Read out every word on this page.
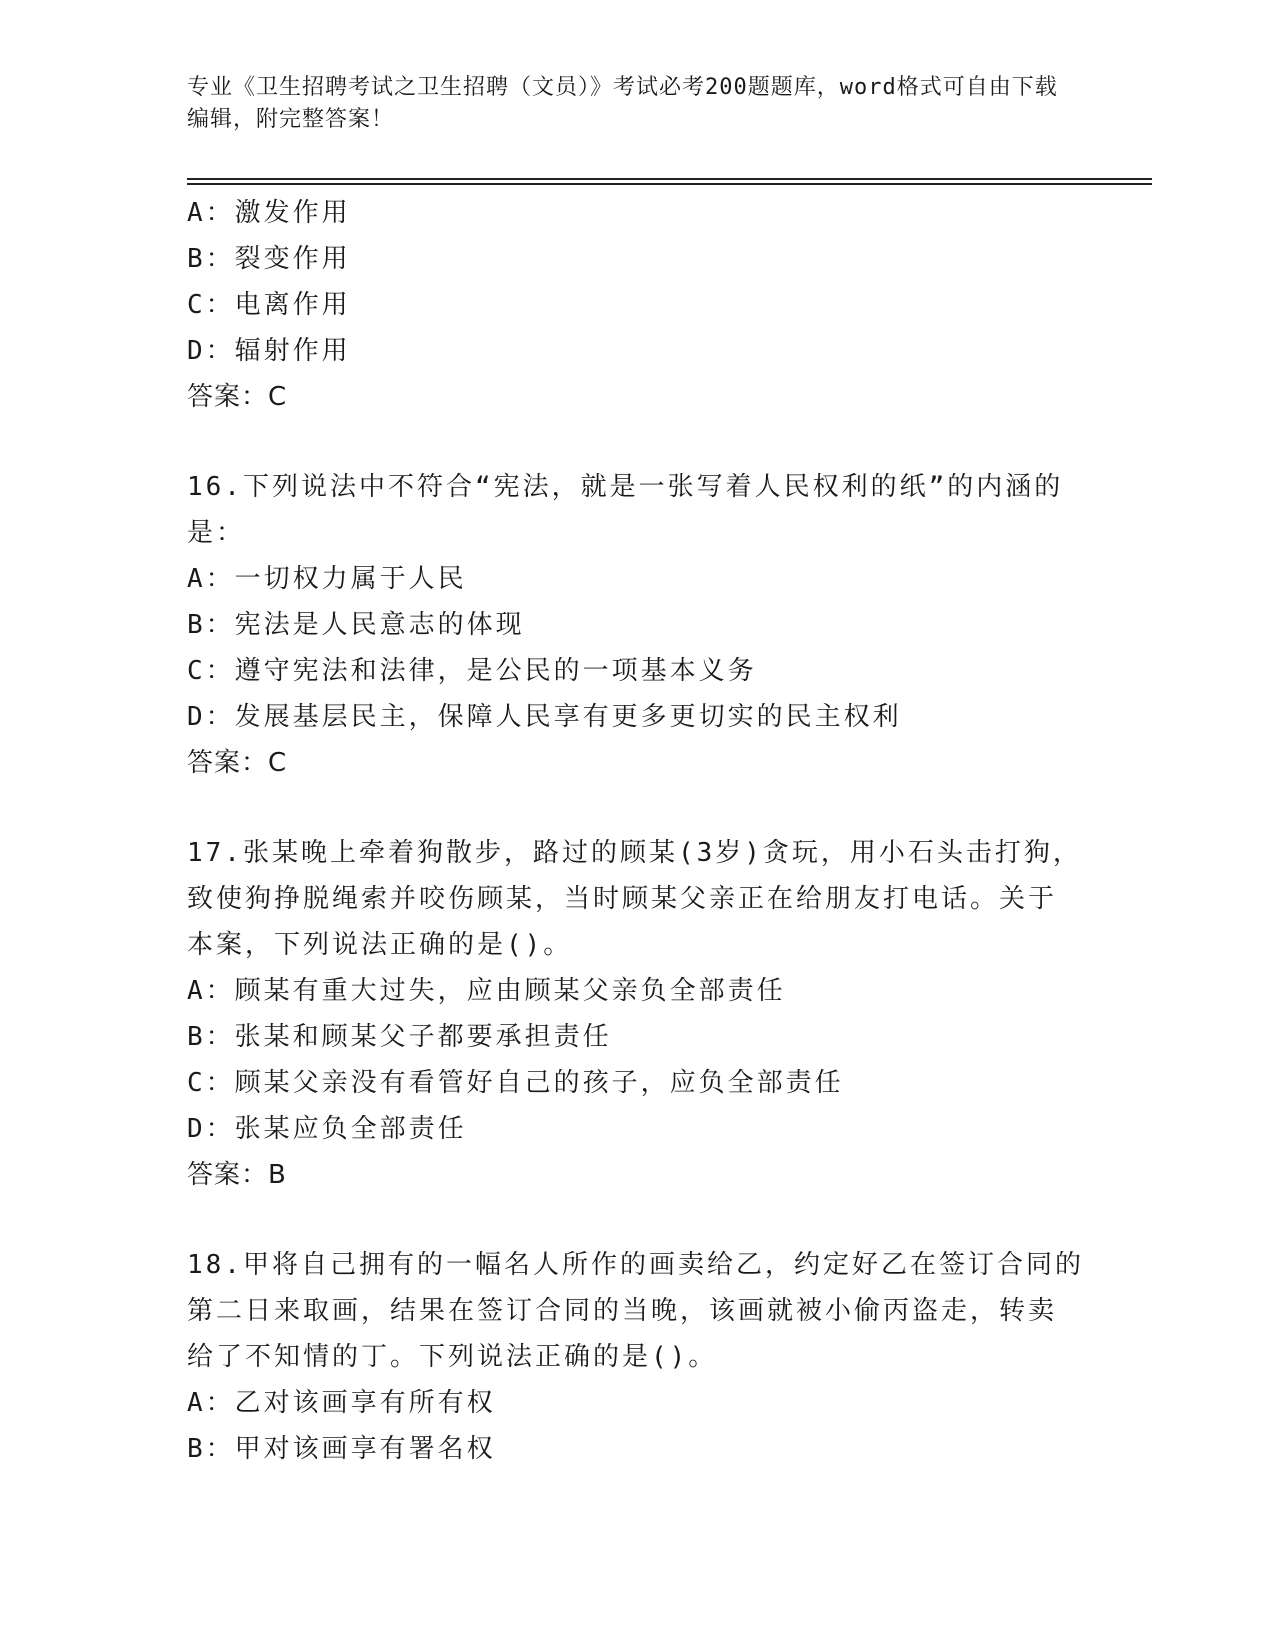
专业《卫生招聘考试之卫生招聘（文员）》考试必考200题题库，word格式可自由下载编辑，附完整答案！
A：激发作用
B：裂变作用
C：电离作用
D：辐射作用
答案：C
16.下列说法中不符合“宪法，就是一张写着人民权利的纸”的内涵的
是：
A：一切权力属于人民
B：宪法是人民意志的体现
C：遵守宪法和法律，是公民的一项基本义务
D：发展基层民主，保障人民享有更多更切实的民主权利
答案：C
17.张某晚上牵着狗散步，路过的顾某(3岁)贪玩，用小石头击打狗，
致使狗挣脱绳索并咬伤顾某，当时顾某父亲正在给朋友打电话。关于
本案，下列说法正确的是()。
A：顾某有重大过失，应由顾某父亲负全部责任
B：张某和顾某父子都要承担责任
C：顾某父亲没有看管好自己的孩子，应负全部责任
D：张某应负全部责任
答案：B
18.甲将自己拥有的一幅名人所作的画卖给乙，约定好乙在签订合同的
第二日来取画，结果在签订合同的当晚，该画就被小偷丙盗走，转卖
给了不知情的丁。下列说法正确的是()。
A：乙对该画享有所有权
B：甲对该画享有署名权
